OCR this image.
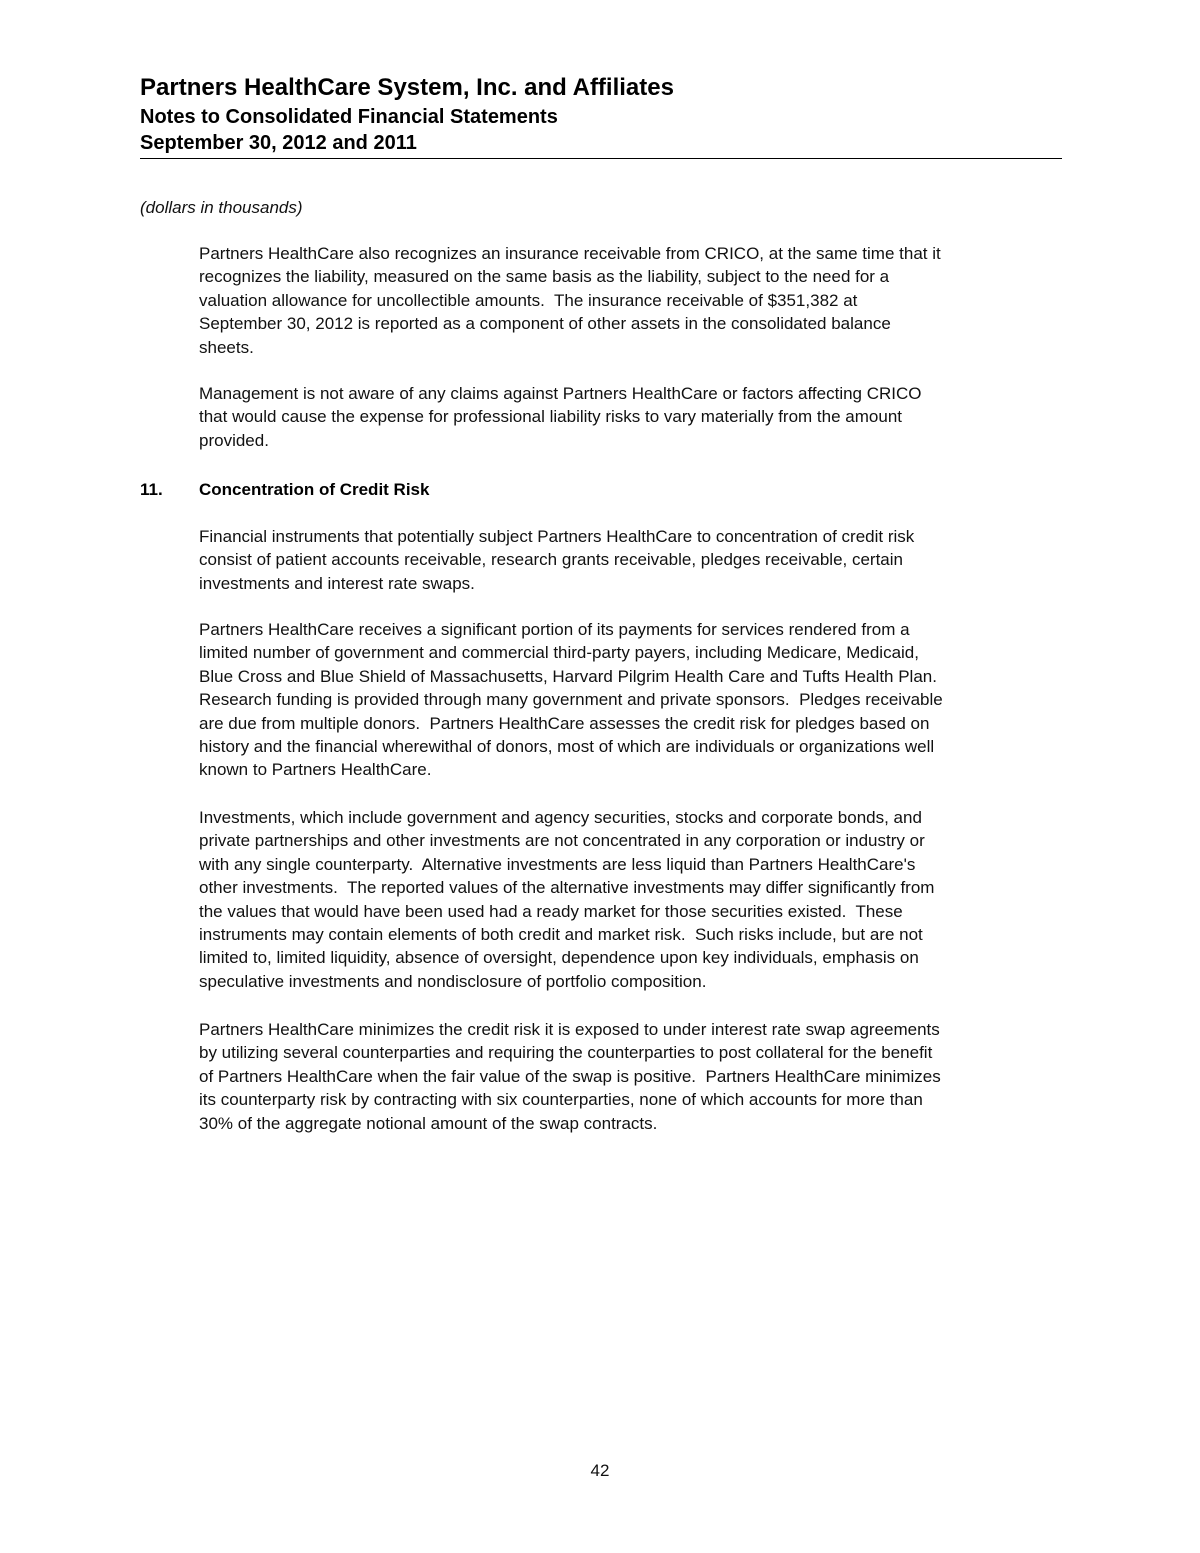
Partners HealthCare System, Inc. and Affiliates
Notes to Consolidated Financial Statements
September 30, 2012 and 2011
(dollars in thousands)
Partners HealthCare also recognizes an insurance receivable from CRICO, at the same time that it
recognizes the liability, measured on the same basis as the liability, subject to the need for a
valuation allowance for uncollectible amounts.  The insurance receivable of $351,382 at
September 30, 2012 is reported as a component of other assets in the consolidated balance
sheets.
Management is not aware of any claims against Partners HealthCare or factors affecting CRICO
that would cause the expense for professional liability risks to vary materially from the amount
provided.
11. Concentration of Credit Risk
Financial instruments that potentially subject Partners HealthCare to concentration of credit risk
consist of patient accounts receivable, research grants receivable, pledges receivable, certain
investments and interest rate swaps.
Partners HealthCare receives a significant portion of its payments for services rendered from a
limited number of government and commercial third-party payers, including Medicare, Medicaid,
Blue Cross and Blue Shield of Massachusetts, Harvard Pilgrim Health Care and Tufts Health Plan.
Research funding is provided through many government and private sponsors.  Pledges receivable
are due from multiple donors.  Partners HealthCare assesses the credit risk for pledges based on
history and the financial wherewithal of donors, most of which are individuals or organizations well
known to Partners HealthCare.
Investments, which include government and agency securities, stocks and corporate bonds, and
private partnerships and other investments are not concentrated in any corporation or industry or
with any single counterparty.  Alternative investments are less liquid than Partners HealthCare's
other investments.  The reported values of the alternative investments may differ significantly from
the values that would have been used had a ready market for those securities existed.  These
instruments may contain elements of both credit and market risk.  Such risks include, but are not
limited to, limited liquidity, absence of oversight, dependence upon key individuals, emphasis on
speculative investments and nondisclosure of portfolio composition.
Partners HealthCare minimizes the credit risk it is exposed to under interest rate swap agreements
by utilizing several counterparties and requiring the counterparties to post collateral for the benefit
of Partners HealthCare when the fair value of the swap is positive.  Partners HealthCare minimizes
its counterparty risk by contracting with six counterparties, none of which accounts for more than
30% of the aggregate notional amount of the swap contracts.
42
